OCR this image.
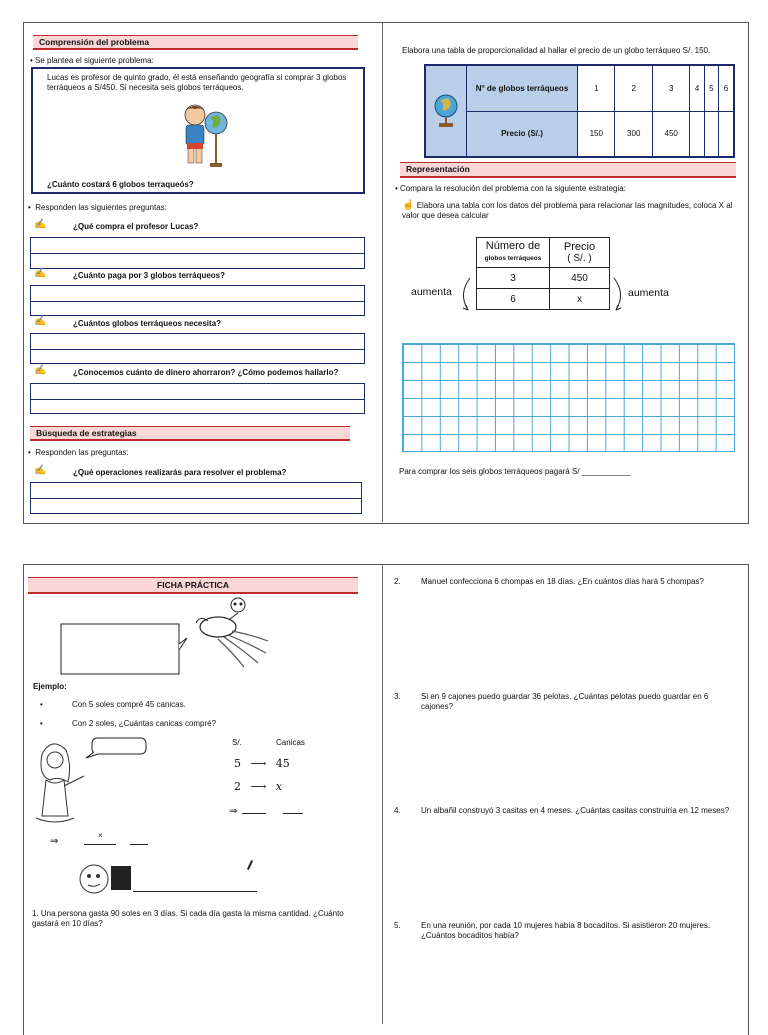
Comprensión del problema
• Se plantea el siguiente problema:
Lucas es profesor de quinto grado, él está enseñando geografía si comprar 3 globos terráqueos a S/450. Si necesita seis globos terráqueos.
¿Cuánto costará 6 globos terraqueós?
•  Responden las siguientes preguntas:
✍	¿Qué compra el profesor Lucas?
✍	¿Cuánto paga por 3 globos terráqueos?
✍	¿Cuántos globos terráqueos necesita?
✍	¿Conocemos cuánto de dinero ahorraron? ¿Cómo podemos hallarlo?
Búsqueda de estrategias
•  Responden las preguntas:
✍	¿Qué operaciones realizarás para resolver el problema?
Elabora una tabla de proporcionalidad al hallar el precio de un globo terráqueo S/. 150.
	N° de globos terráqueos	1	2	3	4	5	6
	Precio (S/.)	150	300	450			
Representación
• Compara la resolución del problema con la siguiente estrategia:
☝ Elabora una tabla con los datos del problema para relacionar las magnitudes, coloca X al valor que desea calcular
Número de
globos terráqueos	Precio
( S/. )
3	450
6	x
aumenta	aumenta
Para comprar los seis globos terráqueos pagará S/ ___________
FICHA PRÁCTICA
Ejemplo:
•	Con 5 soles compré 45 canicas.
•	Con 2 soles, ¿Cuántas canicas compré?
S/.	Canicas
5 ⟶ 45
2 ⟶ x
⇒
⇒
×
1. Una persona gasta 90 soles en 3 días. Si cada día gasta la misma cantidad. ¿Cuánto gastará en 10 días?
2.	Manuel confecciona 6 chompas en 18 días. ¿En cuántos días hará 5 chompas?
3.	Si en 9 cajones puedo guardar 36 pelotas. ¿Cuántas pelotas puedo guardar en 6 cajones?
4.	Un albañil construyó 3 casitas en 4 meses. ¿Cuántas casitas construiría en 12 meses?
5.	En una reunión, por cada 10 mujeres había 8 bocaditos. Si asistieron 20 mujeres. ¿Cuántos bocaditos había?
